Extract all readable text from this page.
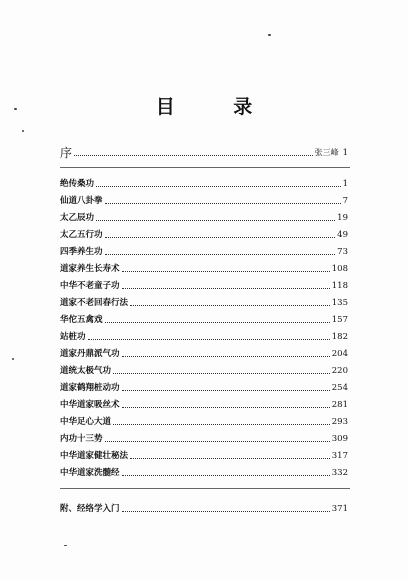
目 录
序	张三峰 1
绝传桑功	1
仙道八卦拳	7
太乙辰功	19
太乙五行功	49
四季养生功	73
道家养生长寿术	108
中华不老童子功	118
道家不老回春行法	135
华佗五禽戏	157
站桩功	182
道家丹鼎派气功	204
道统太极气功	220
道家鹤翔桩动功	254
中华道家吸丝术	281
中华足心大道	293
内功十三势	309
中华道家健壮秘法	317
中华道家洗髓经	332
附、经络学入门	371
